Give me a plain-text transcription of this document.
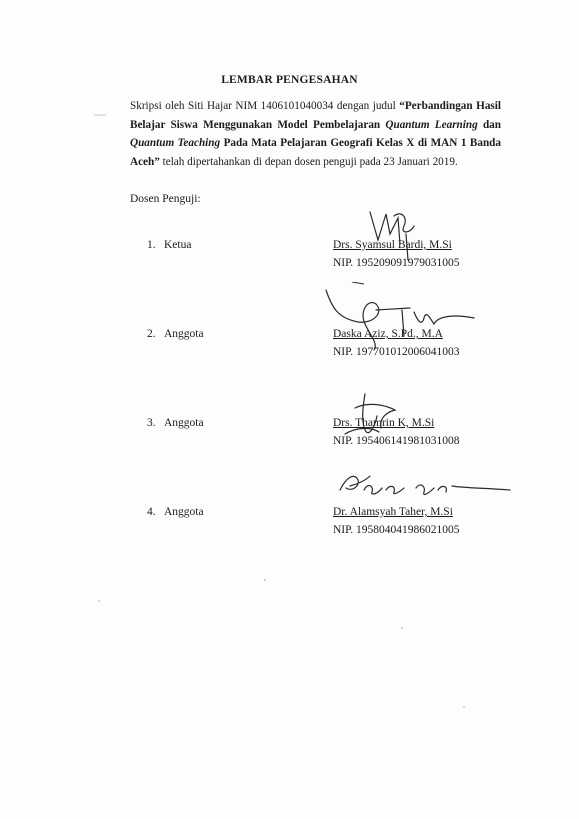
LEMBAR PENGESAHAN
Skripsi oleh Siti Hajar NIM 1406101040034 dengan judul “Perbandingan Hasil Belajar Siswa Menggunakan Model Pembelajaran Quantum Learning dan Quantum Teaching Pada Mata Pelajaran Geografi Kelas X di MAN 1 Banda Aceh” telah dipertahankan di depan dosen penguji pada 23 Januari 2019.
Dosen Penguji:
1. Ketua	Drs. Syamsul Bardi, M.Si
NIP. 195209091979031005
2. Anggota	Daska Aziz, S.Pd., M.A
NIP. 197701012006041003
3. Anggota	Drs. Thamrin K, M.Si
NIP. 195406141981031008
4. Anggota	Dr. Alamsyah Taher, M.Si
NIP. 195804041986021005
